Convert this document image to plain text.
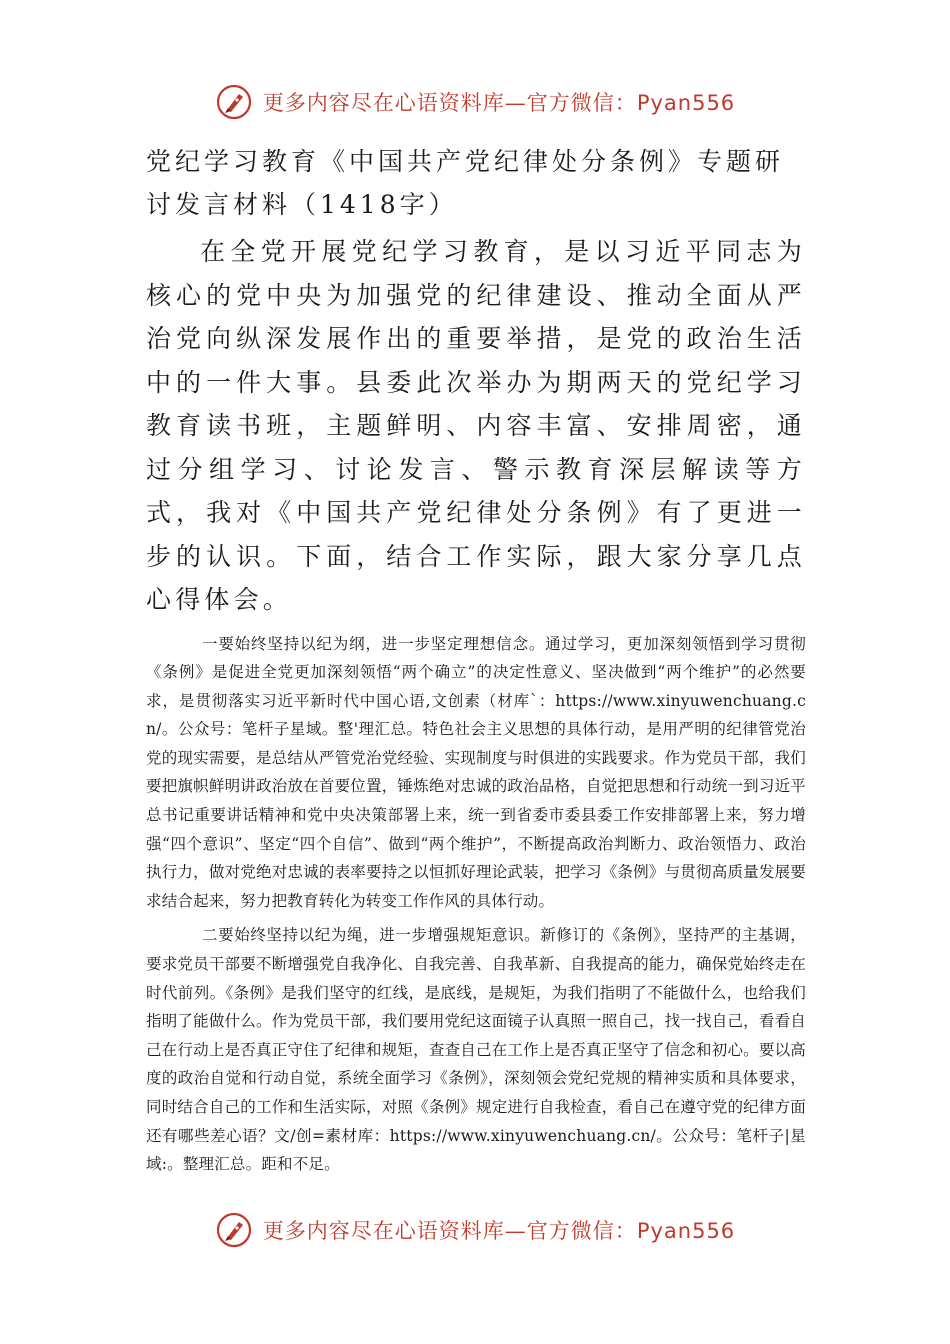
更多内容尽在心语资料库—官方微信：Pyan556
党纪学习教育《中国共产党纪律处分条例》专题研讨发言材料（1418字）

在全党开展党纪学习教育，是以习近平同志为核心的党中央为加强党的纪律建设、推动全面从严治党向纵深发展作出的重要举措，是党的政治生活中的一件大事。县委此次举办为期两天的党纪学习教育读书班，主题鲜明、内容丰富、安排周密，通过分组学习、讨论发言、警示教育深层解读等方式，我对《中国共产党纪律处分条例》有了更进一步的认识。下面，结合工作实际，跟大家分享几点心得体会。

一要始终坚持以纪为纲，进一步坚定理想信念。通过学习，更加深刻领悟到学习贯彻《条例》是促进全党更加深刻领悟“两个确立”的决定性意义、坚决做到“两个维护”的必然要求，是贯彻落实习近平新时代中国心语,文创素（材库`：https://www.xinyuwenchuang.cn/。公众号：笔杆子星域。整'理汇总。特色社会主义思想的具体行动，是用严明的纪律管党治党的现实需要，是总结从严管党治党经验、实现制度与时俱进的实践要求。作为党员干部，我们要把旗帜鲜明讲政治放在首要位置，锤炼绝对忠诚的政治品格，自觉把思想和行动统一到习近平总书记重要讲话精神和党中央决策部署上来，统一到省委市委县委工作安排部署上来，努力增强“四个意识”、坚定“四个自信”、做到“两个维护”，不断提高政治判断力、政治领悟力、政治执行力，做对党绝对忠诚的表率要持之以恒抓好理论武装，把学习《条例》与贯彻高质量发展要求结合起来，努力把教育转化为转变工作作风的具体行动。

二要始终坚持以纪为绳，进一步增强规矩意识。新修订的《条例》，坚持严的主基调，要求党员干部要不断增强党自我净化、自我完善、自我革新、自我提高的能力，确保党始终走在时代前列。《条例》是我们坚守的红线，是底线，是规矩，为我们指明了不能做什么，也给我们指明了能做什么。作为党员干部，我们要用党纪这面镜子认真照一照自己，找一找自己，看看自己在行动上是否真正守住了纪律和规矩，查查自己在工作上是否真正坚守了信念和初心。要以高度的政治自觉和行动自觉，系统全面学习《条例》，深刻领会党纪党规的精神实质和具体要求，同时结合自己的工作和生活实际，对照《条例》规定进行自我检查，看自己在遵守党的纪律方面还有哪些差心语？文/创=素材库：https://www.xinyuwenchuang.cn/。公众号：笔杆子|星域:。整理汇总。距和不足。

更多内容尽在心语资料库—官方微信：Pyan556
